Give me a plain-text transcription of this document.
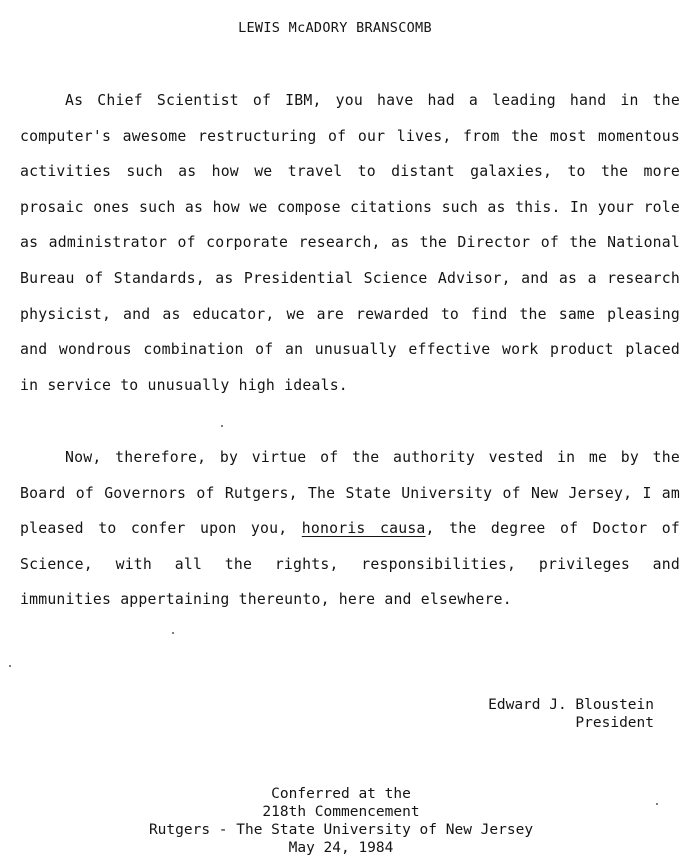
LEWIS McADORY BRANSCOMB

As Chief Scientist of IBM, you have had a leading hand in the computer's awesome restructuring of our lives, from the most momentous activities such as how we travel to distant galaxies, to the more prosaic ones such as how we compose citations such as this. In your role as administrator of corporate research, as the Director of the National Bureau of Standards, as Presidential Science Advisor, and as a research physicist, and as educator, we are rewarded to find the same pleasing and wondrous combination of an unusually effective work product placed in service to unusually high ideals.

Now, therefore, by virtue of the authority vested in me by the Board of Governors of Rutgers, The State University of New Jersey, I am pleased to confer upon you, honoris causa, the degree of Doctor of Science, with all the rights, responsibilities, privileges and immunities appertaining thereunto, here and elsewhere.

Edward J. Bloustein
President
Conferred at the
218th Commencement
Rutgers - The State University of New Jersey
May 24, 1984
